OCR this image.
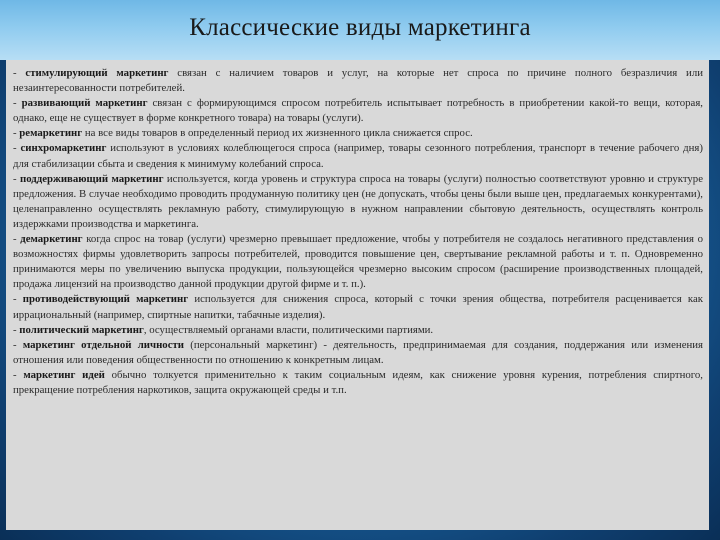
Классические виды маркетинга

- стимулирующий маркетинг связан с наличием товаров и услуг, на которые нет спроса по причине полного безразличия или незаинтересованности потребителей.

- развивающий маркетинг связан с формирующимся спросом потребитель испытывает потребность в приобретении какой-то вещи, которая, однако, еще не существует в форме конкретного товара) на товары (услуги).

- ремаркетинг на все виды товаров в определенный период их жизненного цикла снижается спрос.

- синхромаркетинг используют в условиях колеблющегося спроса (например, товары сезонного потребления, транспорт в течение рабочего дня) для стабилизации сбыта и сведения к минимуму колебаний спроса.

- поддерживающий маркетинг используется, когда уровень и структура спроса на товары (услуги) полностью соответствуют уровню и структуре предложения. В случае необходимо проводить продуманную политику цен (не допускать, чтобы цены были выше цен, предлагаемых конкурентами), целенаправленно осуществлять рекламную работу, стимулирующую в нужном направлении сбытовую деятельность, осуществлять контроль издержками производства и маркетинга.

- демаркетинг когда спрос на товар (услуги) чрезмерно превышает предложение, чтобы у потребителя не создалось негативного представления о возможностях фирмы удовлетворить запросы потребителей, проводится повышение цен, свертывание рекламной работы и т. п. Одновременно принимаются меры по увеличению выпуска продукции, пользующейся чрезмерно высоким спросом (расширение производственных площадей, продажа лицензий на производство данной продукции другой фирме и т. п.).

- противодействующий маркетинг используется для снижения спроса, который с точки зрения общества, потребителя расценивается как иррациональный (например, спиртные напитки, табачные изделия).

- политический маркетинг, осуществляемый органами власти, политическими партиями.

- маркетинг отдельной личности (персональный маркетинг) - деятельность, предпринимаемая для создания, поддержания или изменения отношения или поведения общественности по отношению к конкретным лицам.

- маркетинг идей обычно толкуется применительно к таким социальным идеям, как снижение уровня курения, потребления спиртного, прекращение потребления наркотиков, защита окружающей среды и т.п.
